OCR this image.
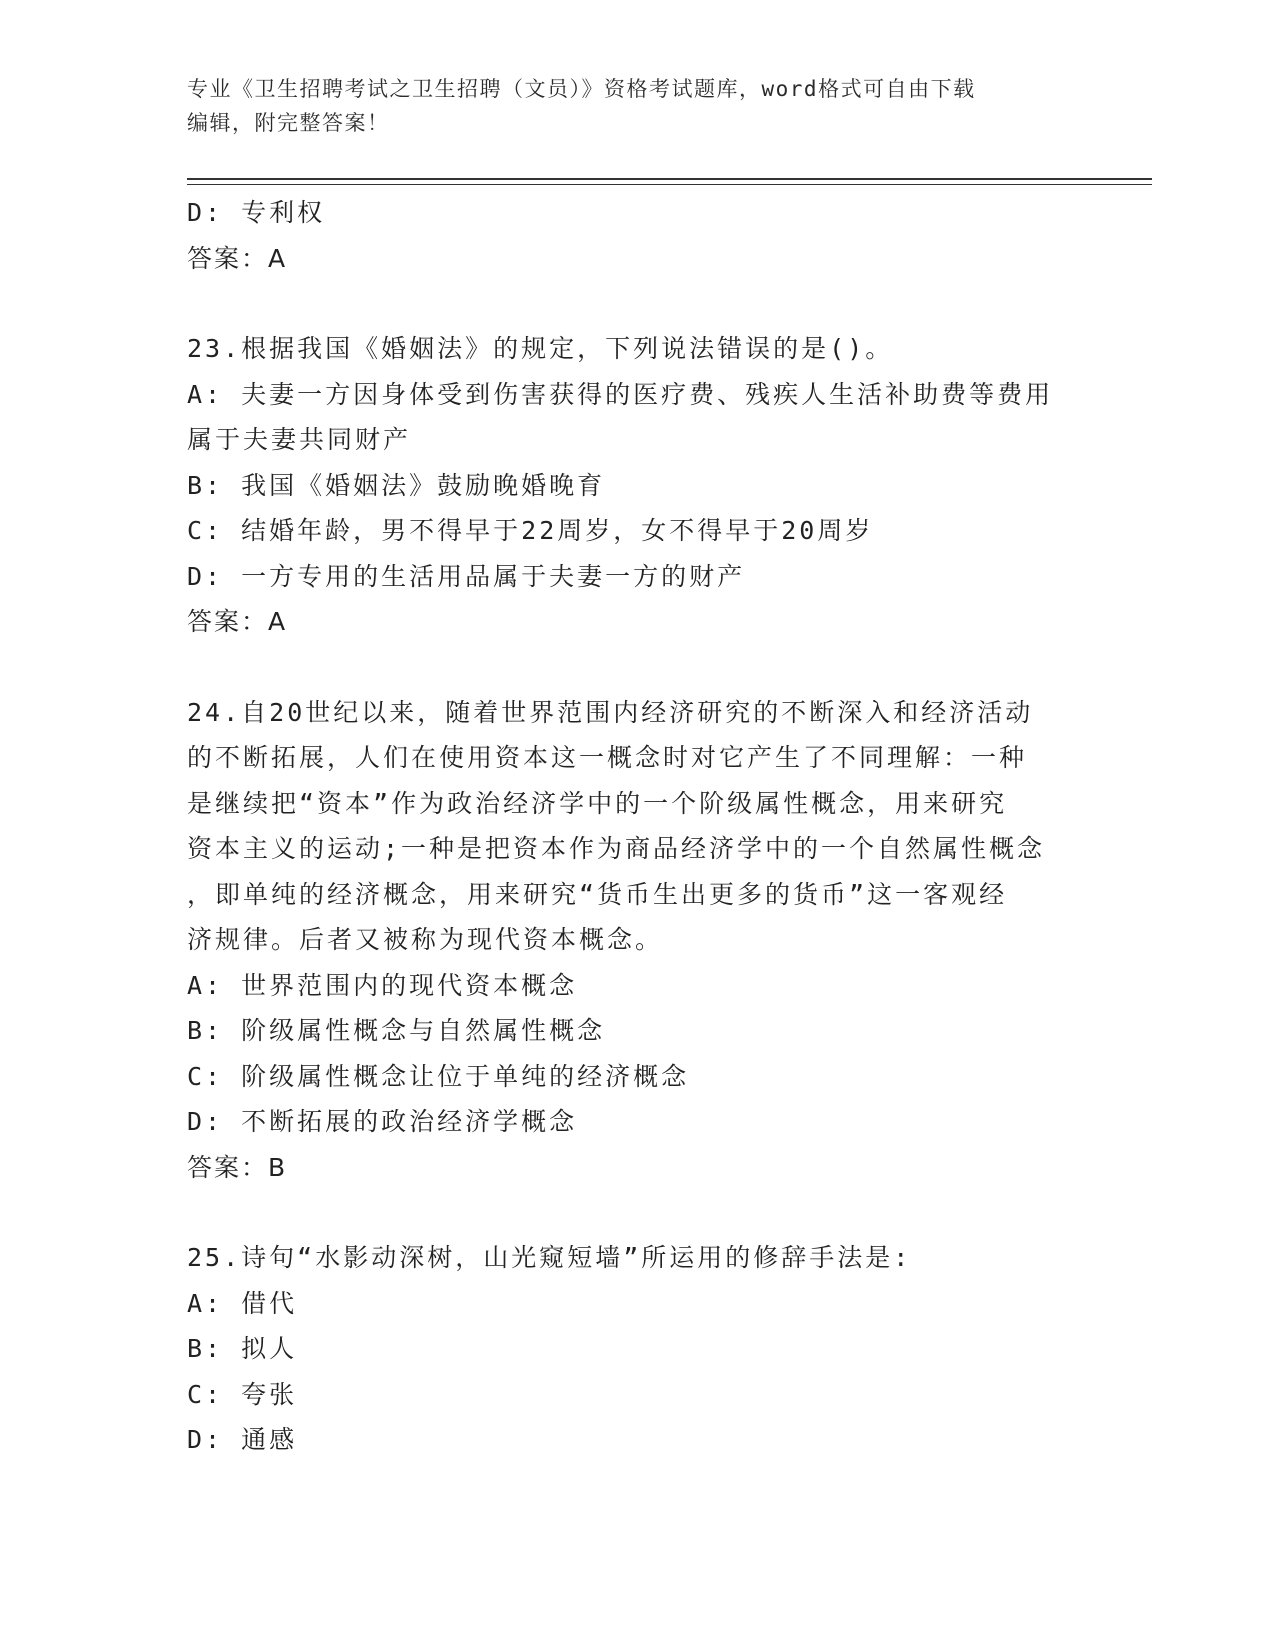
专业《卫生招聘考试之卫生招聘（文员）》资格考试题库，word格式可自由下载
编辑，附完整答案！
D: 专利权
答案：A
23.根据我国《婚姻法》的规定，下列说法错误的是()。
A: 夫妻一方因身体受到伤害获得的医疗费、残疾人生活补助费等费用
属于夫妻共同财产
B: 我国《婚姻法》鼓励晚婚晚育
C: 结婚年龄，男不得早于22周岁，女不得早于20周岁
D: 一方专用的生活用品属于夫妻一方的财产
答案：A
24.自20世纪以来，随着世界范围内经济研究的不断深入和经济活动
的不断拓展，人们在使用资本这一概念时对它产生了不同理解：一种
是继续把“资本”作为政治经济学中的一个阶级属性概念，用来研究
资本主义的运动;一种是把资本作为商品经济学中的一个自然属性概念
，即单纯的经济概念，用来研究“货币生出更多的货币”这一客观经
济规律。后者又被称为现代资本概念。
A: 世界范围内的现代资本概念
B: 阶级属性概念与自然属性概念
C: 阶级属性概念让位于单纯的经济概念
D: 不断拓展的政治经济学概念
答案：B
25.诗句“水影动深树，山光窥短墙”所运用的修辞手法是:
A: 借代
B: 拟人
C: 夸张
D: 通感
